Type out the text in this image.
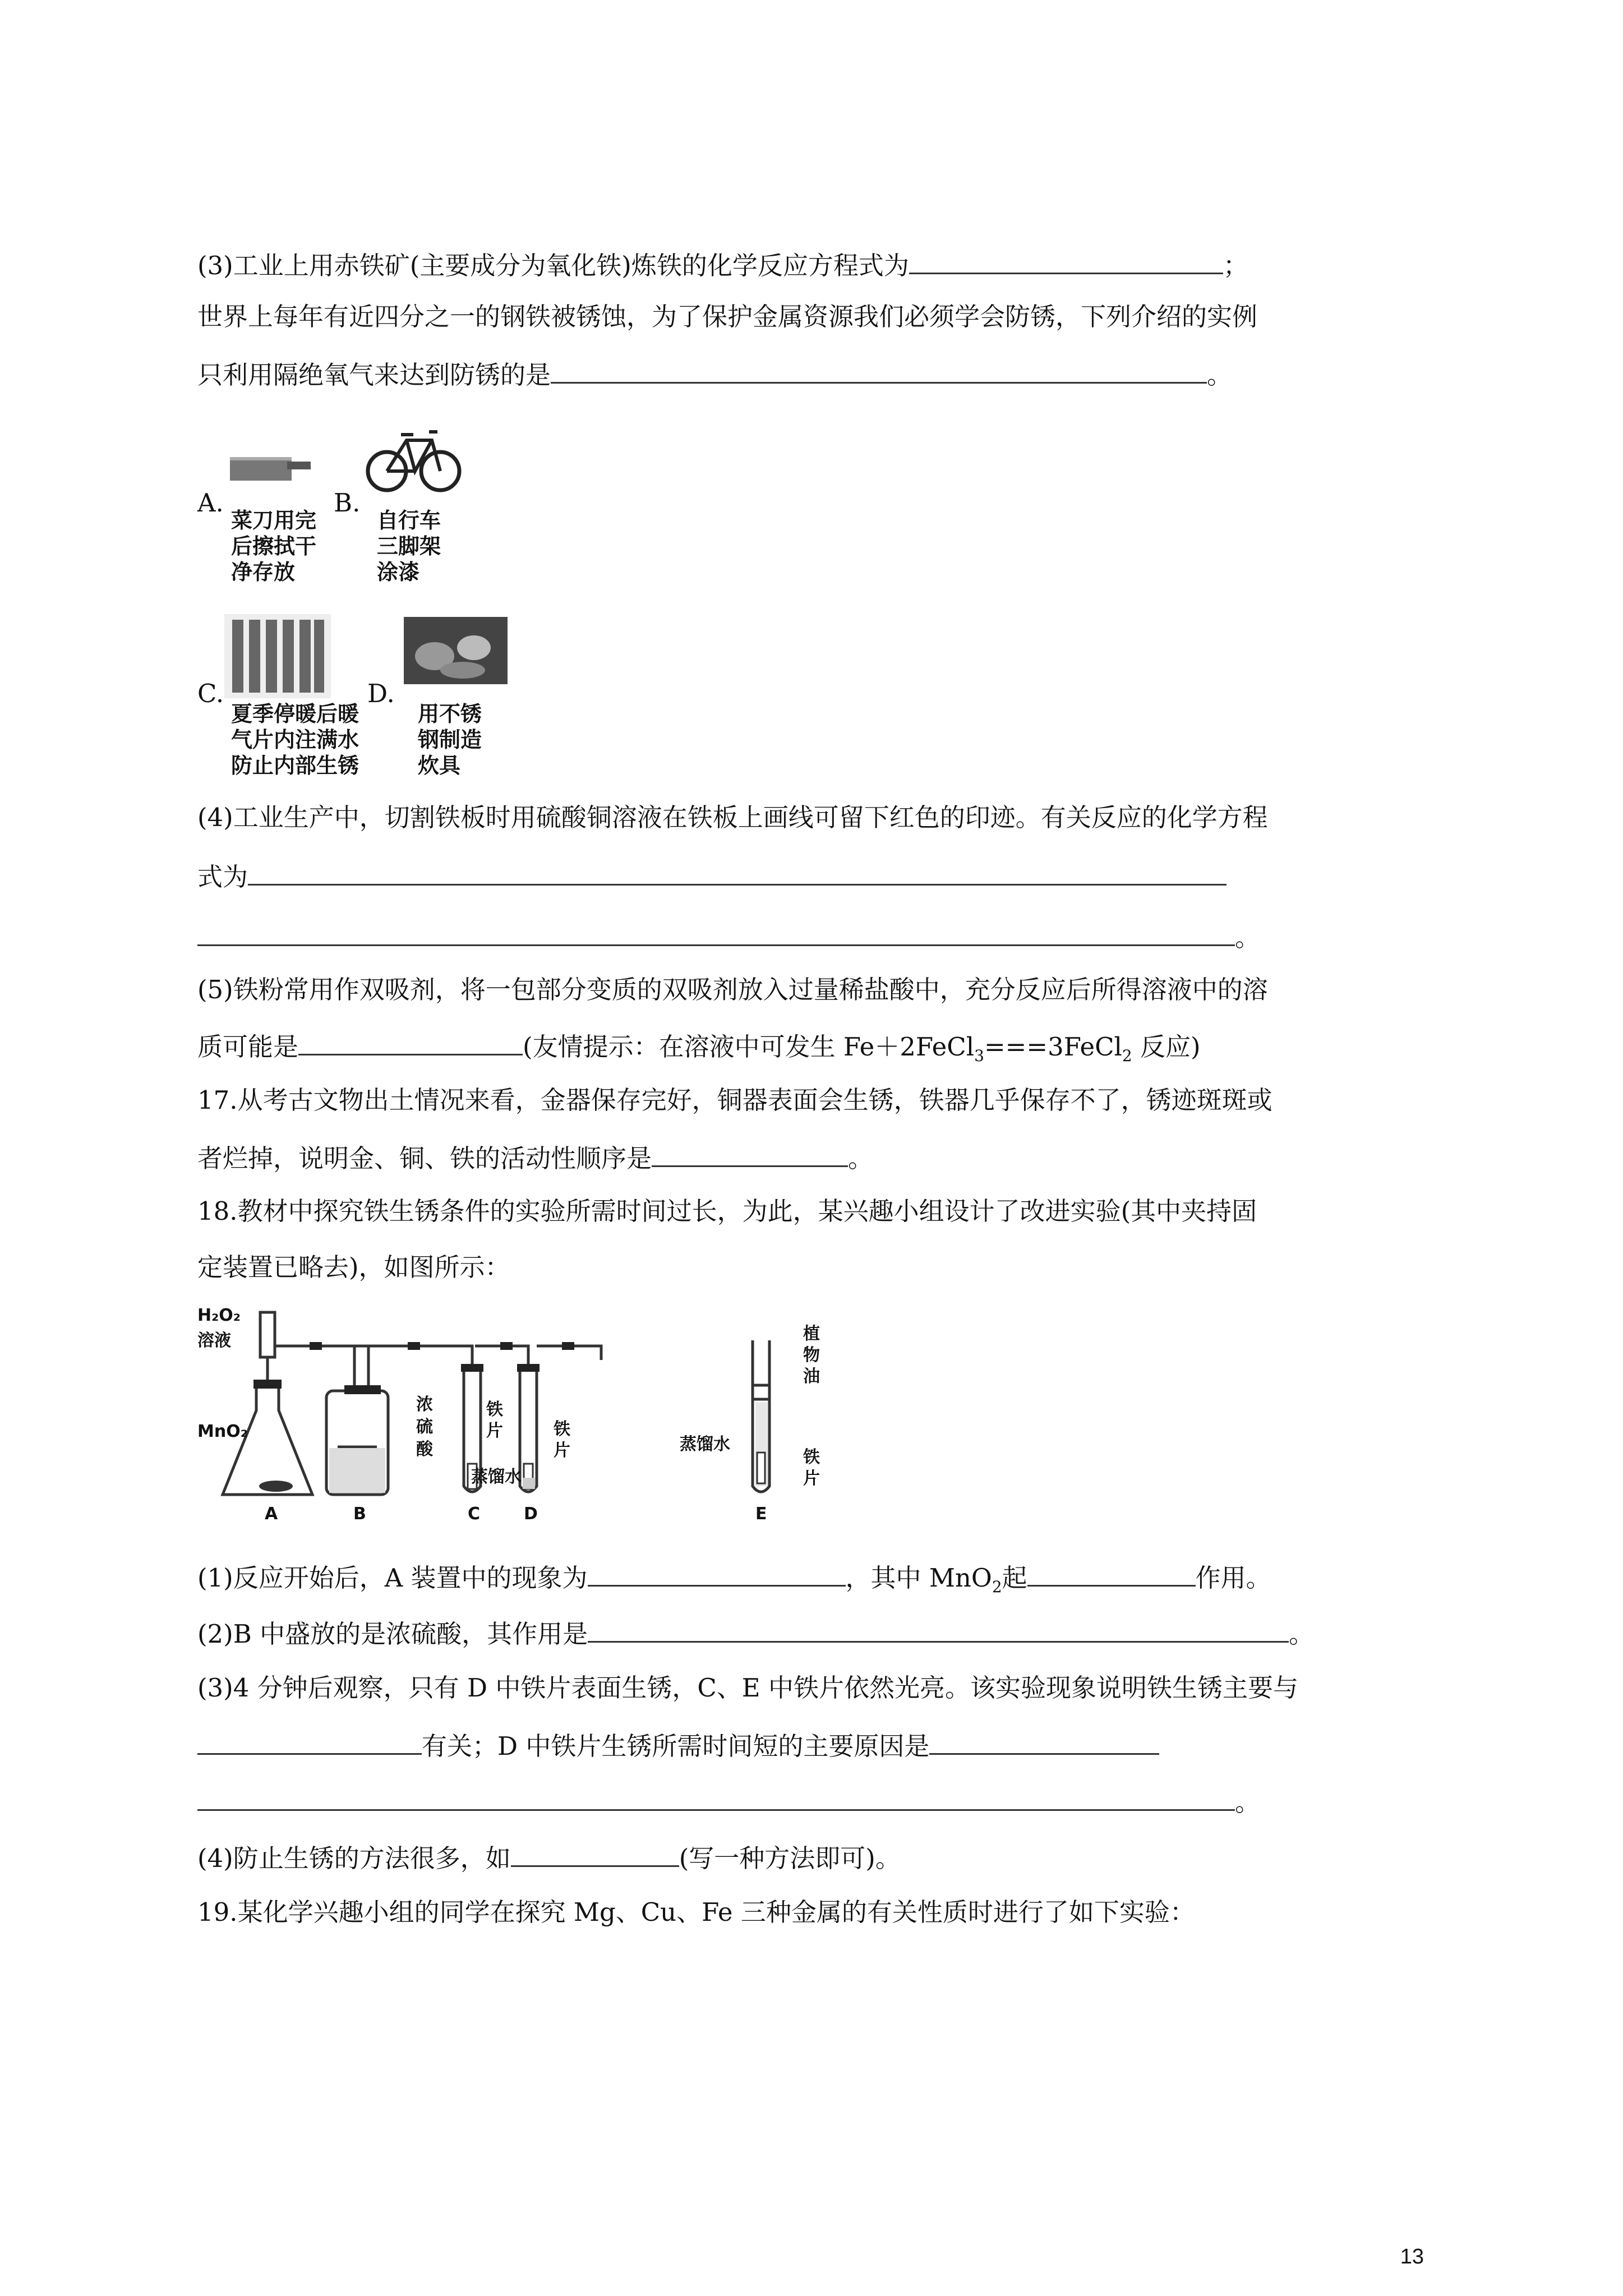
(3)工业上用赤铁矿(主要成分为氧化铁)炼铁的化学反应方程式为	；
世界上每年有近四分之一的钢铁被锈蚀，为了保护金属资源我们必须学会防锈，下列介绍的实例
只利用隔绝氧气来达到防锈的是	。
A.
菜刀用完
后擦拭干
净存放
B.
自行车
三脚架
涂漆
C.
夏季停暖后暖
气片内注满水
防止内部生锈
D.
用不锈
钢制造
炊具
(4)工业生产中，切割铁板时用硫酸铜溶液在铁板上画线可留下红色的印迹。有关反应的化学方程
式为
。
(5)铁粉常用作双吸剂，将一包部分变质的双吸剂放入过量稀盐酸中，充分反应后所得溶液中的溶
质可能是	(友情提示：在溶液中可发生 Fe＋2FeCl$_3$===3FeCl$_2$ 反应)
17.从考古文物出土情况来看，金器保存完好，铜器表面会生锈，铁器几乎保存不了，锈迹斑斑或
者烂掉，说明金、铜、铁的活动性顺序是	。
18.教材中探究铁生锈条件的实验所需时间过长，为此，某兴趣小组设计了改进实验(其中夹持固
定装置已略去)，如图所示：
H₂O₂
溶液
MnO₂
浓
硫
酸
铁
片
蒸馏水
铁
片	蒸馏水
植
物
油
铁
片
A	B	C	D	E
(1)反应开始后，A 装置中的现象为	，其中 MnO$_2$起	作用。
(2)B 中盛放的是浓硫酸，其作用是	。
(3)4 分钟后观察，只有 D 中铁片表面生锈，C、E 中铁片依然光亮。该实验现象说明铁生锈主要与
有关；D 中铁片生锈所需时间短的主要原因是
。
(4)防止生锈的方法很多，如	(写一种方法即可)。
19.某化学兴趣小组的同学在探究 Mg、Cu、Fe 三种金属的有关性质时进行了如下实验：
13
